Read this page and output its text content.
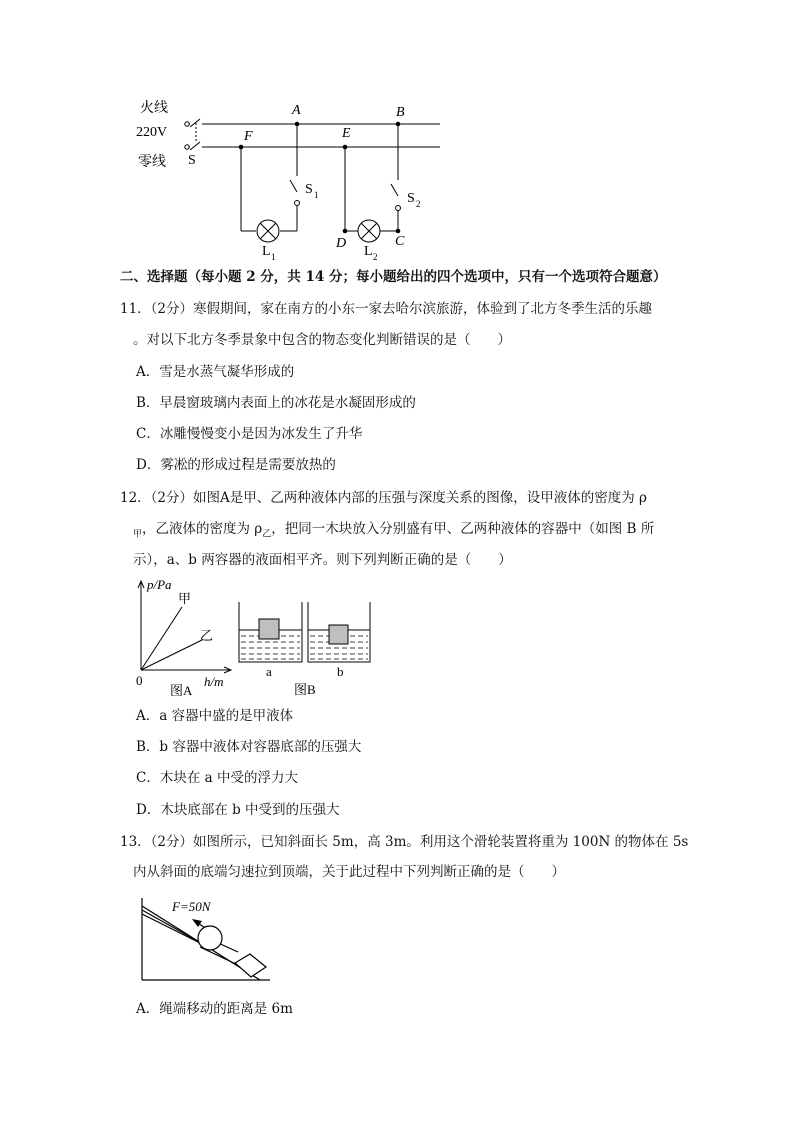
火线
220V
零线 S
A	B
F	E
D	C
S 1	S 2
L 1	L 2
二、选择题（每小题 2 分，共 14 分；每小题给出的四个选项中，只有一个选项符合题意）
11．（2分）寒假期间，家在南方的小东一家去哈尔滨旅游，体验到了北方冬季生活的乐趣
。对以下北方冬季景象中包含的物态变化判断错误的是（　　）
A．雪是水蒸气凝华形成的
B．早晨窗玻璃内表面上的冰花是水凝固形成的
C．冰雕慢慢变小是因为冰发生了升华
D．雾凇的形成过程是需要放热的
12．（2分）如图A是甲、乙两种液体内部的压强与深度关系的图像，设甲液体的密度为 ρ
$_甲$，乙液体的密度为 $\rho_乙$，把同一木块放入分别盛有甲、乙两种液体的容器中（如图 B 所
示），a、b 两容器的液面相平齐。则下列判断正确的是（　　）
p/Pa
甲
乙
0	h/m
图A
a	b
图B
A．a 容器中盛的是甲液体
B．b 容器中液体对容器底部的压强大
C．木块在 a 中受的浮力大
D．木块底部在 b 中受到的压强大
13．（2分）如图所示，已知斜面长 5m，高 3m。利用这个滑轮装置将重为 100N 的物体在 5s
内从斜面的底端匀速拉到顶端，关于此过程中下列判断正确的是（　　）
F=50N
A．绳端移动的距离是 6m
